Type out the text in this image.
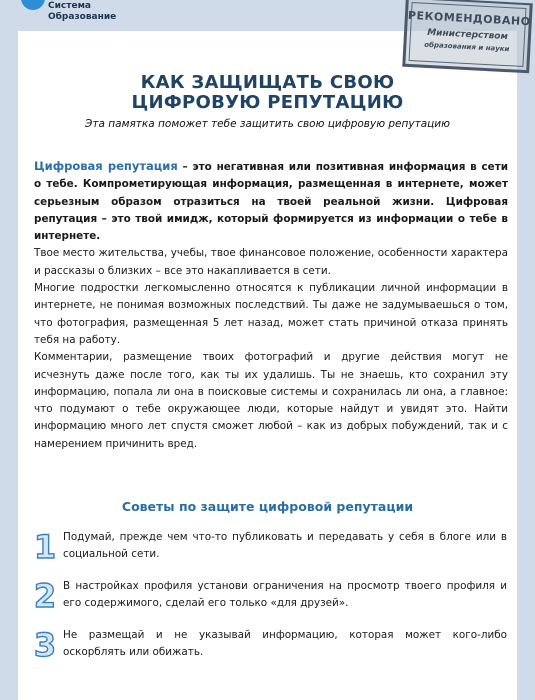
Система
Образование	РЕКОМЕНДОВАНО
Министерством
образования и науки
КАК ЗАЩИЩАТЬ СВОЮ
ЦИФРОВУЮ РЕПУТАЦИЮ
Эта памятка поможет тебе защитить свою цифровую репутацию

Цифровая репутация – это негативная или позитивная информация в сети о тебе. Компрометирующая информация, размещенная в интернете, может серьезным образом отразиться на твоей реальной жизни. Цифровая репутация – это твой имидж, который формируется из информации о тебе в интернете.

Твое место жительства, учебы, твое финансовое положение, особенности характера и рассказы о близких – все это накапливается в сети.

Многие подростки легкомысленно относятся к публикации личной информации в интернете, не понимая возможных последствий. Ты даже не задумываешься о том, что фотография, размещенная 5 лет назад, может стать причиной отказа принять тебя на работу.

Комментарии, размещение твоих фотографий и другие действия могут не исчезнуть даже после того, как ты их удалишь. Ты не знаешь, кто сохранил эту информацию, попала ли она в поисковые системы и сохранилась ли она, а главное: что подумают о тебе окружающее люди, которые найдут и увидят это. Найти информацию много лет спустя сможет любой – как из добрых побуждений, так и с намерением причинить вред.

Советы по защите цифровой репутации
1 Подумай, прежде чем что-то публиковать и передавать у себя в блоге или в социальной сети.
2 В настройках профиля установи ограничения на просмотр твоего профиля и его содержимого, сделай его только «для друзей».
3 Не размещай и не указывай информацию, которая может кого-либо оскорблять или обижать.
